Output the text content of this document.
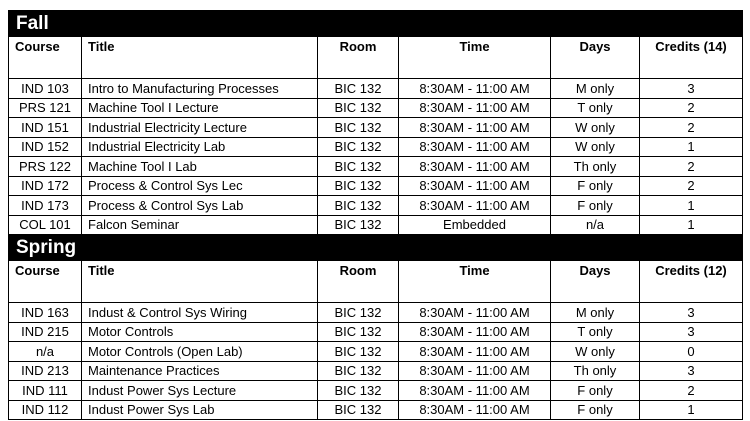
Fall					
Course	Title	Room	Time	Days	Credits (14)
IND 103	Intro to Manufacturing Processes	BIC 132	8:30AM - 11:00 AM	M only	3
PRS 121	Machine Tool I Lecture	BIC 132	8:30AM - 11:00 AM	T only	2
IND 151	Industrial Electricity Lecture	BIC 132	8:30AM - 11:00 AM	W only	2
IND 152	Industrial Electricity Lab	BIC 132	8:30AM - 11:00 AM	W only	1
PRS 122	Machine Tool I Lab	BIC 132	8:30AM - 11:00 AM	Th only	2
IND 172	Process & Control Sys Lec	BIC 132	8:30AM - 11:00 AM	F only	2
IND 173	Process & Control Sys Lab	BIC 132	8:30AM - 11:00 AM	F only	1
COL 101	Falcon Seminar	BIC 132	Embedded	n/a	1
Spring					
Course	Title	Room	Time	Days	Credits (12)
IND 163	Indust & Control Sys Wiring	BIC 132	8:30AM - 11:00 AM	M only	3
IND 215	Motor Controls	BIC 132	8:30AM - 11:00 AM	T only	3
n/a	Motor Controls (Open Lab)	BIC 132	8:30AM - 11:00 AM	W only	0
IND 213	Maintenance Practices	BIC 132	8:30AM - 11:00 AM	Th only	3
IND 111	Indust Power Sys Lecture	BIC 132	8:30AM - 11:00 AM	F only	2
IND 112	Indust Power Sys Lab	BIC 132	8:30AM - 11:00 AM	F only	1
